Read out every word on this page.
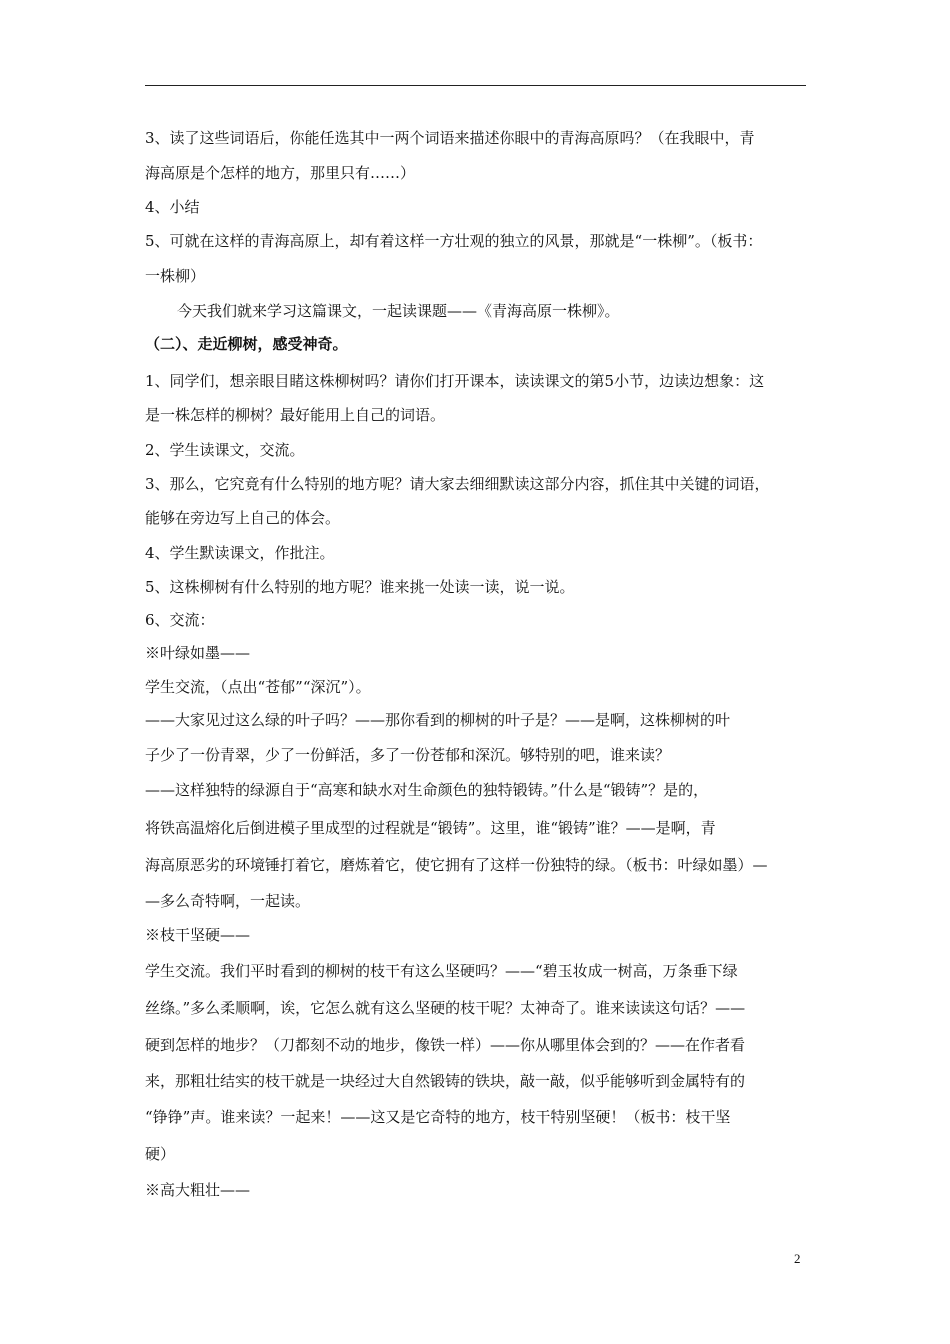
3、读了这些词语后，你能任选其中一两个词语来描述你眼中的青海高原吗？（在我眼中，青
海高原是个怎样的地方，那里只有……）
4、小结
5、可就在这样的青海高原上，却有着这样一方壮观的独立的风景，那就是“一株柳”。（板书：
一株柳）
今天我们就来学习这篇课文，一起读课题——《青海高原一株柳》。
（二）、走近柳树，感受神奇。
1、同学们，想亲眼目睹这株柳树吗？请你们打开课本，读读课文的第5小节，边读边想象：这
是一株怎样的柳树？最好能用上自己的词语。
2、学生读课文，交流。
3、那么，它究竟有什么特别的地方呢？请大家去细细默读这部分内容，抓住其中关键的词语，
能够在旁边写上自己的体会。
4、学生默读课文，作批注。
5、这株柳树有什么特别的地方呢？谁来挑一处读一读，说一说。
6、交流：
※叶绿如墨——
学生交流，（点出“苍郁”“深沉”）。
——大家见过这么绿的叶子吗？——那你看到的柳树的叶子是？——是啊，这株柳树的叶
子少了一份青翠，少了一份鲜活，多了一份苍郁和深沉。够特别的吧，谁来读？
——这样独特的绿源自于“高寒和缺水对生命颜色的独特锻铸。”什么是“锻铸”？是的，
将铁高温熔化后倒进模子里成型的过程就是“锻铸”。这里，谁“锻铸”谁？——是啊，青
海高原恶劣的环境锤打着它，磨炼着它，使它拥有了这样一份独特的绿。（板书：叶绿如墨）—
—多么奇特啊，一起读。
※枝干坚硬——
学生交流。我们平时看到的柳树的枝干有这么坚硬吗？——“碧玉妆成一树高，万条垂下绿
丝绦。”多么柔顺啊，诶，它怎么就有这么坚硬的枝干呢？太神奇了。谁来读读这句话？——
硬到怎样的地步？（刀都刻不动的地步，像铁一样）——你从哪里体会到的？——在作者看
来，那粗壮结实的枝干就是一块经过大自然锻铸的铁块，敲一敲，似乎能够听到金属特有的
“铮铮”声。谁来读？一起来！——这又是它奇特的地方，枝干特别坚硬！（板书：枝干坚
硬）
※高大粗壮——
2
